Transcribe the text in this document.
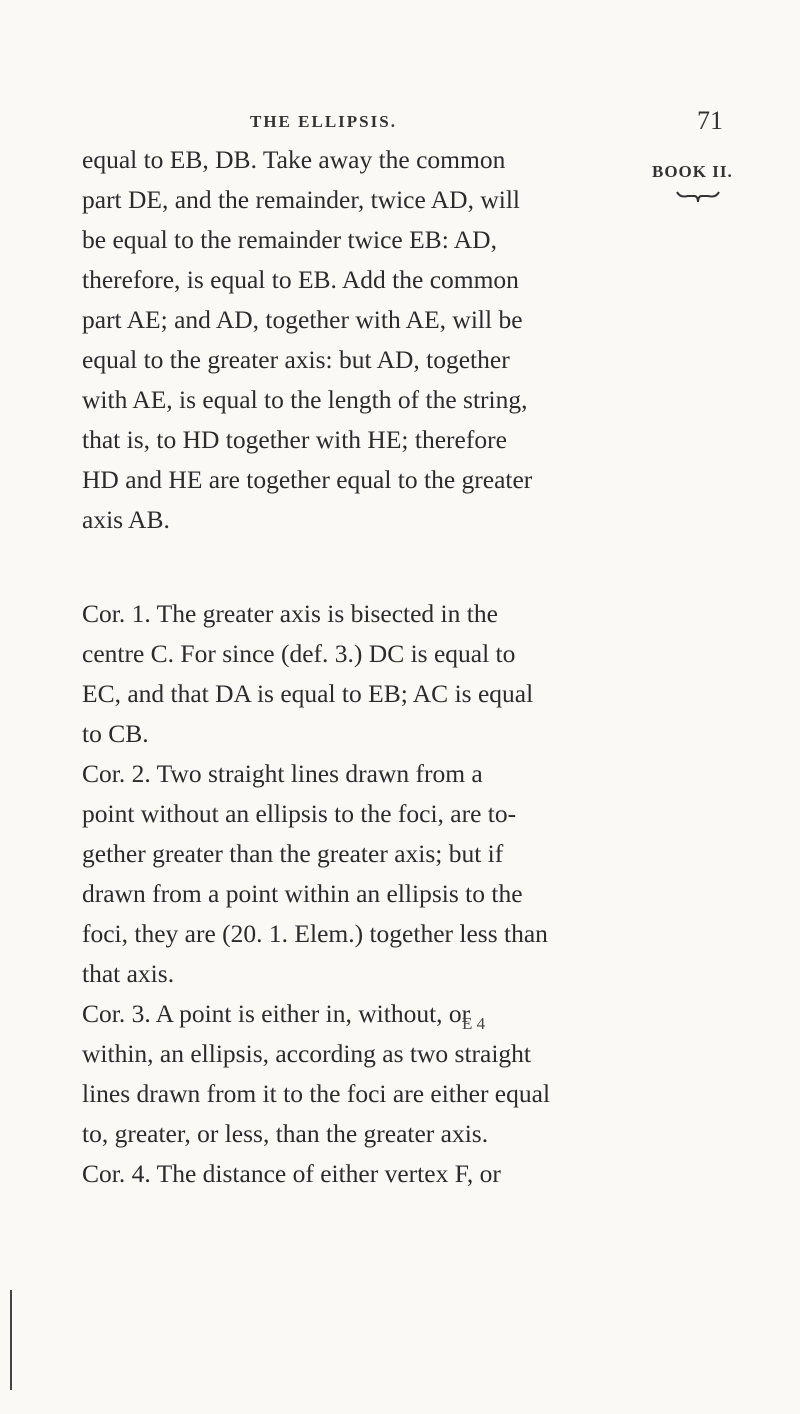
THE ELLIPSIS.	71
BOOK II.
equal to EB, DB. Take away the common
part DE, and the remainder, twice AD, will
be equal to the remainder twice EB: AD,
therefore, is equal to EB. Add the common
part AE; and AD, together with AE, will be
equal to the greater axis: but AD, together
with AE, is equal to the length of the string,
that is, to HD together with HE; therefore
HD and HE are together equal to the greater
axis AB.
Cor. 1. The greater axis is bisected in the
centre C. For since (def. 3.) DC is equal to
EC, and that DA is equal to EB; AC is equal
to CB.
Cor. 2. Two straight lines drawn from a
point without an ellipsis to the foci, are to-
gether greater than the greater axis; but if
drawn from a point within an ellipsis to the
foci, they are (20. 1. Elem.) together less than
that axis.
Cor. 3. A point is either in, without, or
within, an ellipsis, according as two straight
lines drawn from it to the foci are either equal
to, greater, or less, than the greater axis.
Cor. 4. The distance of either vertex F, or
E 4
